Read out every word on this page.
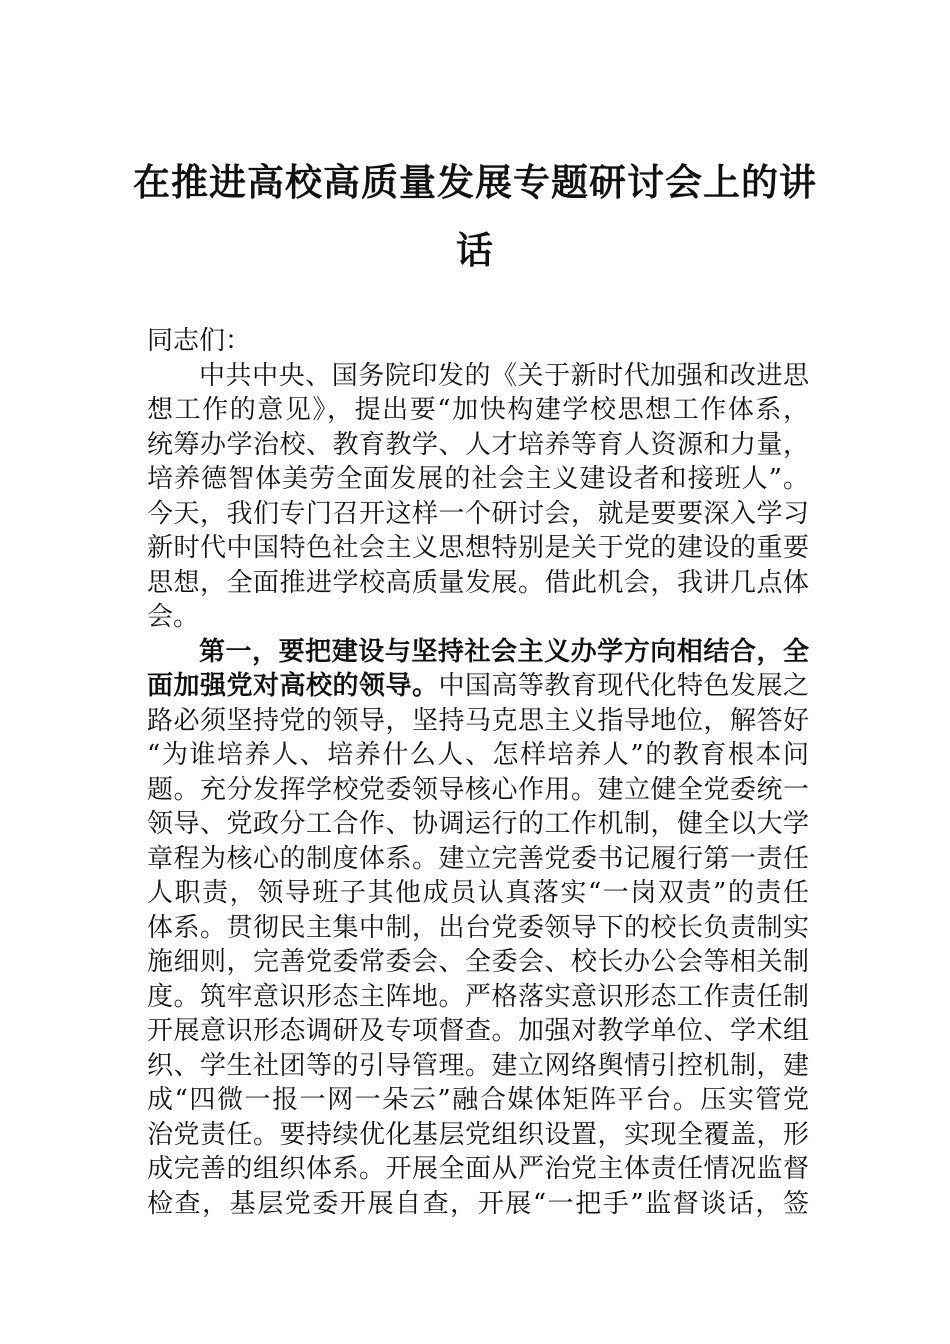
在推进高校高质量发展专题研讨会上的讲
话
同志们：
中共中央、国务院印发的《关于新时代加强和改进思
想工作的意见》，提出要“加快构建学校思想工作体系，
统筹办学治校、教育教学、人才培养等育人资源和力量，
培养德智体美劳全面发展的社会主义建设者和接班人”。
今天，我们专门召开这样一个研讨会，就是要要深入学习
新时代中国特色社会主义思想特别是关于党的建设的重要
思想，全面推进学校高质量发展。借此机会，我讲几点体
会。
第一，要把建设与坚持社会主义办学方向相结合，全
面加强党对高校的领导。中国高等教育现代化特色发展之
路必须坚持党的领导，坚持马克思主义指导地位，解答好
“为谁培养人、培养什么人、怎样培养人”的教育根本问
题。充分发挥学校党委领导核心作用。建立健全党委统一
领导、党政分工合作、协调运行的工作机制，健全以大学
章程为核心的制度体系。建立完善党委书记履行第一责任
人职责，领导班子其他成员认真落实“一岗双责”的责任
体系。贯彻民主集中制，出台党委领导下的校长负责制实
施细则，完善党委常委会、全委会、校长办公会等相关制
度。筑牢意识形态主阵地。严格落实意识形态工作责任制
开展意识形态调研及专项督查。加强对教学单位、学术组
织、学生社团等的引导管理。建立网络舆情引控机制，建
成“四微一报一网一朵云”融合媒体矩阵平台。压实管党
治党责任。要持续优化基层党组织设置，实现全覆盖，形
成完善的组织体系。开展全面从严治党主体责任情况监督
检查，基层党委开展自查，开展“一把手”监督谈话，签
